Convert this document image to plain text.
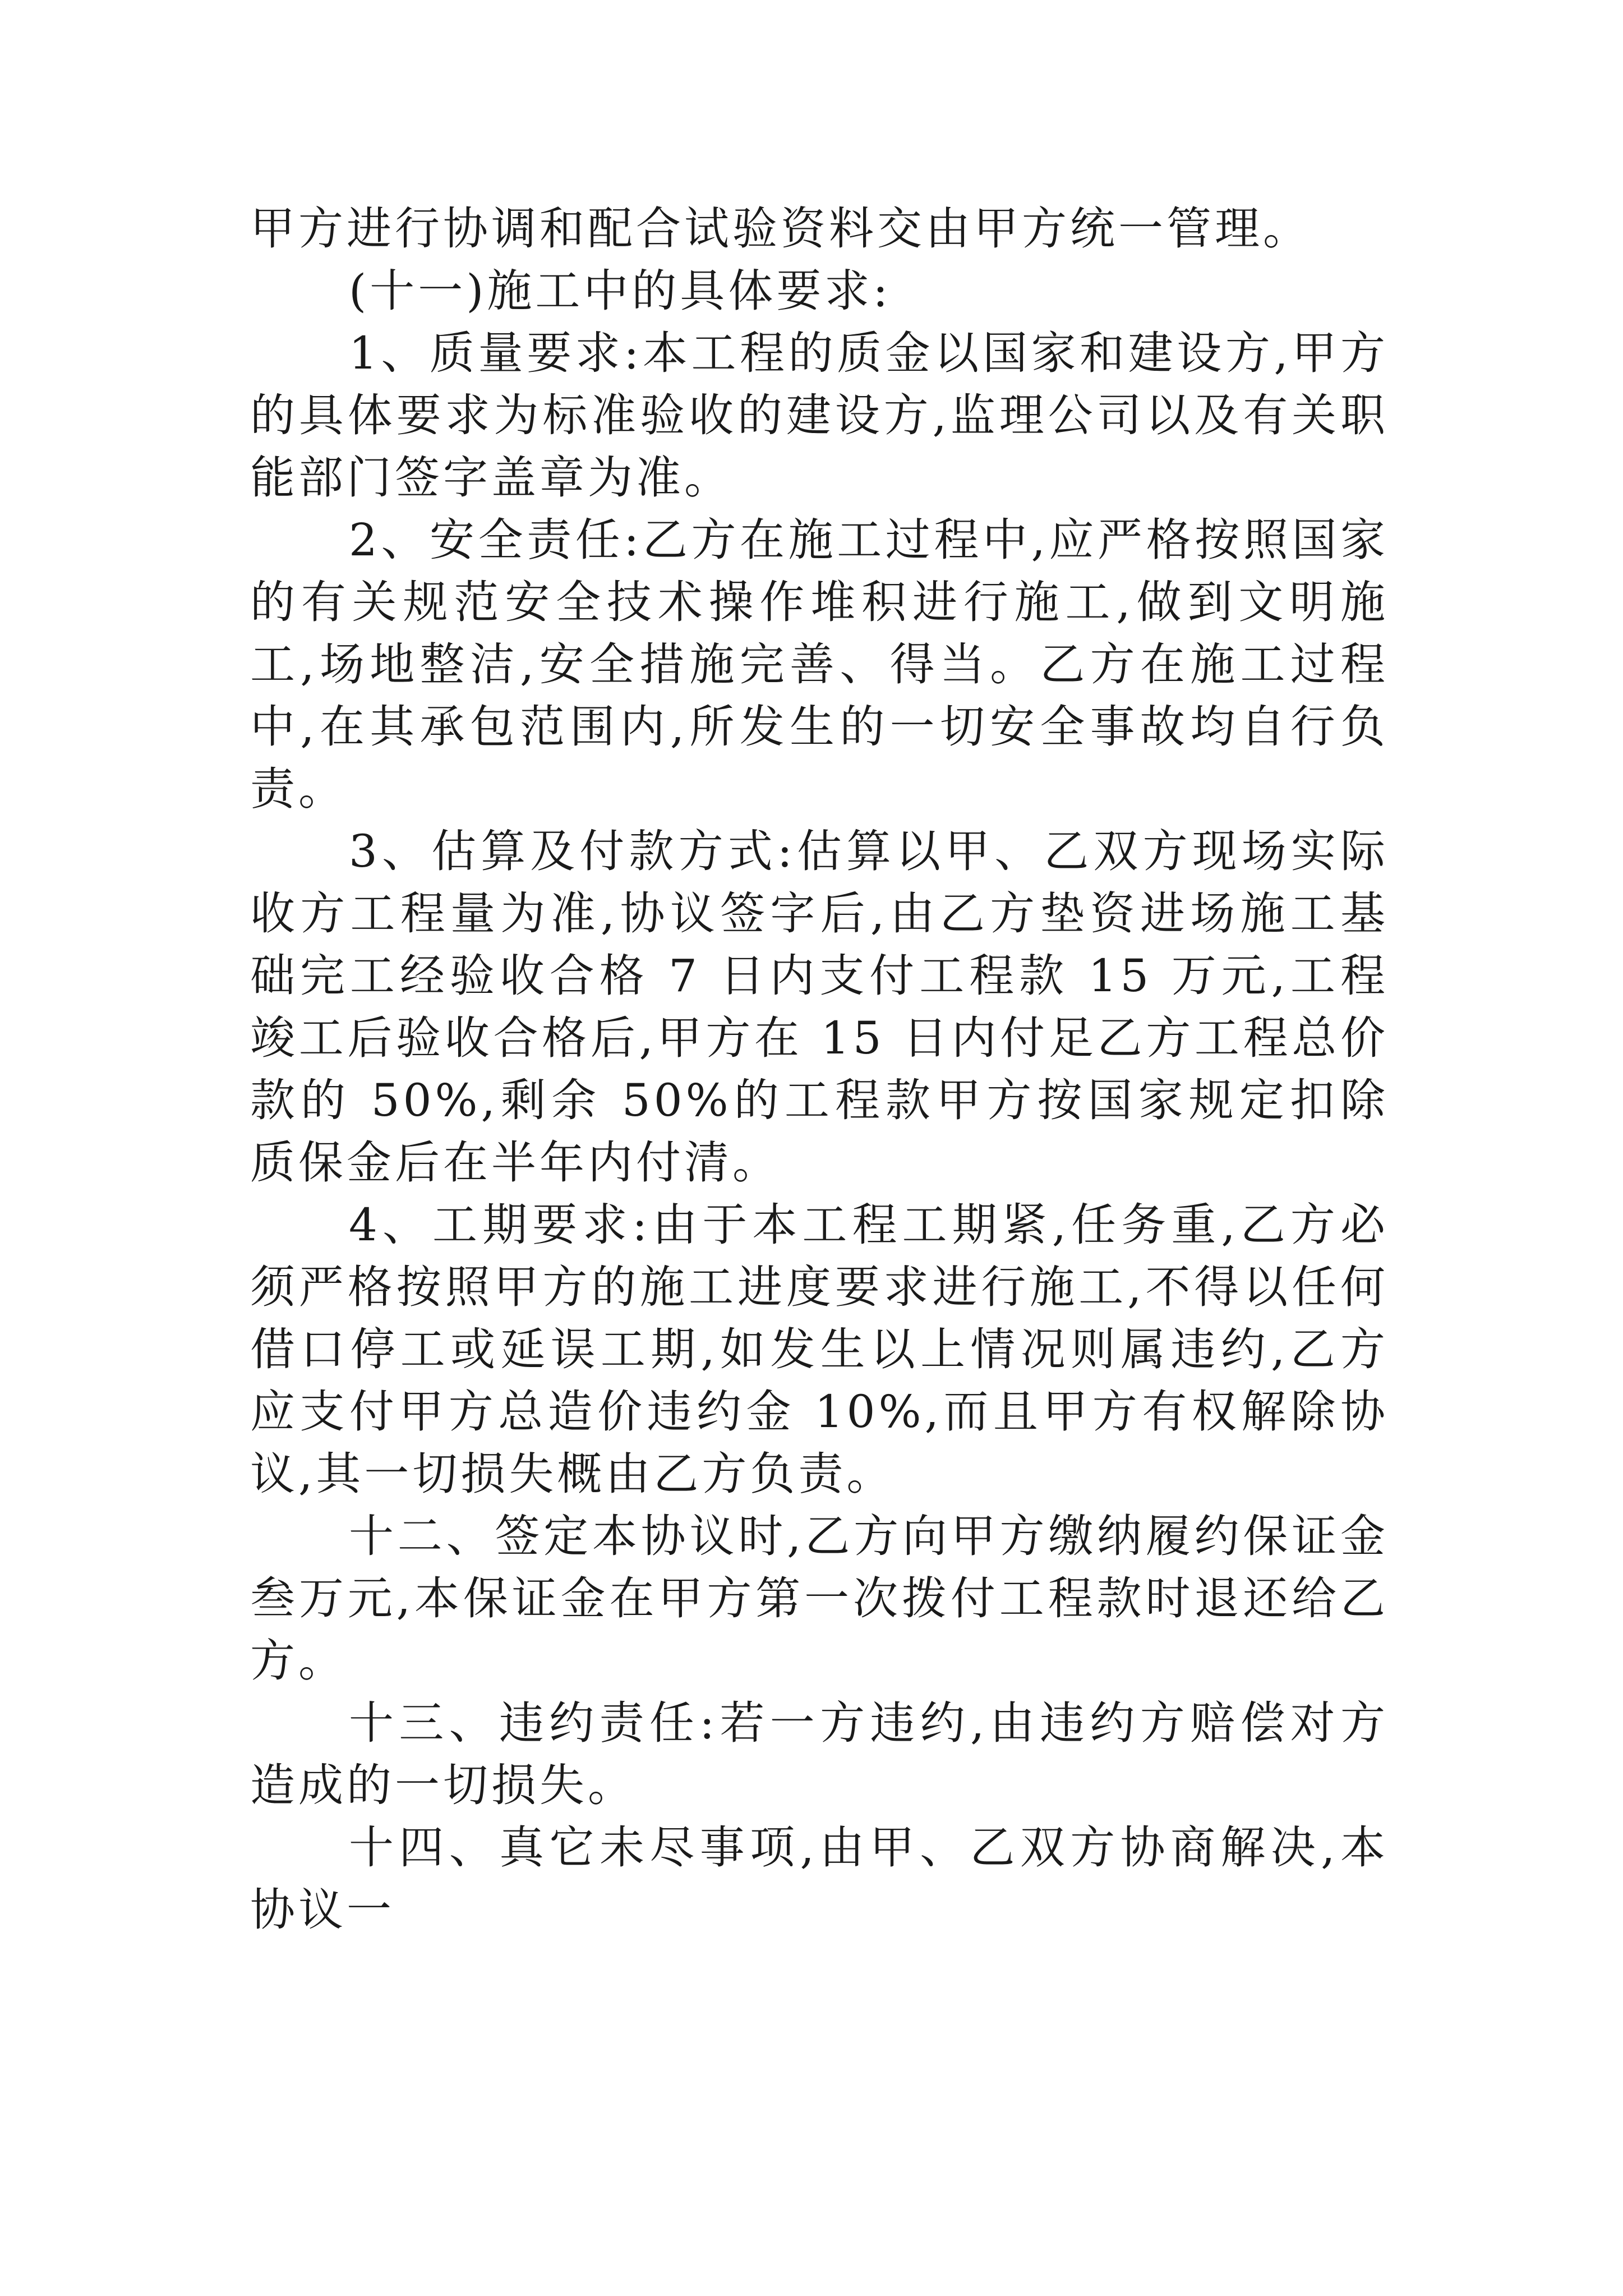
甲方进行协调和配合试验资料交由甲方统一管理。

(十一)施工中的具体要求:

1、质量要求:本工程的质金以国家和建设方,甲方的具体要求为标准验收的建设方,监理公司以及有关职能部门签字盖章为准。

2、安全责任:乙方在施工过程中,应严格按照国家的有关规范安全技术操作堆积进行施工,做到文明施工,场地整洁,安全措施完善、得当。乙方在施工过程中,在其承包范围内,所发生的一切安全事故均自行负责。

3、估算及付款方式:估算以甲、乙双方现场实际收方工程量为准,协议签字后,由乙方垫资进场施工基础完工经验收合格 7 日内支付工程款 15 万元,工程竣工后验收合格后,甲方在 15 日内付足乙方工程总价款的 50%,剩余 50%的工程款甲方按国家规定扣除质保金后在半年内付清。

4、工期要求:由于本工程工期紧,任务重,乙方必须严格按照甲方的施工进度要求进行施工,不得以任何借口停工或延误工期,如发生以上情况则属违约,乙方应支付甲方总造价违约金 10%,而且甲方有权解除协议,其一切损失概由乙方负责。

十二、签定本协议时,乙方向甲方缴纳履约保证金叁万元,本保证金在甲方第一次拨付工程款时退还给乙方。

十三、违约责任:若一方违约,由违约方赔偿对方造成的一切损失。

十四、真它未尽事项,由甲、乙双方协商解决,本协议一
